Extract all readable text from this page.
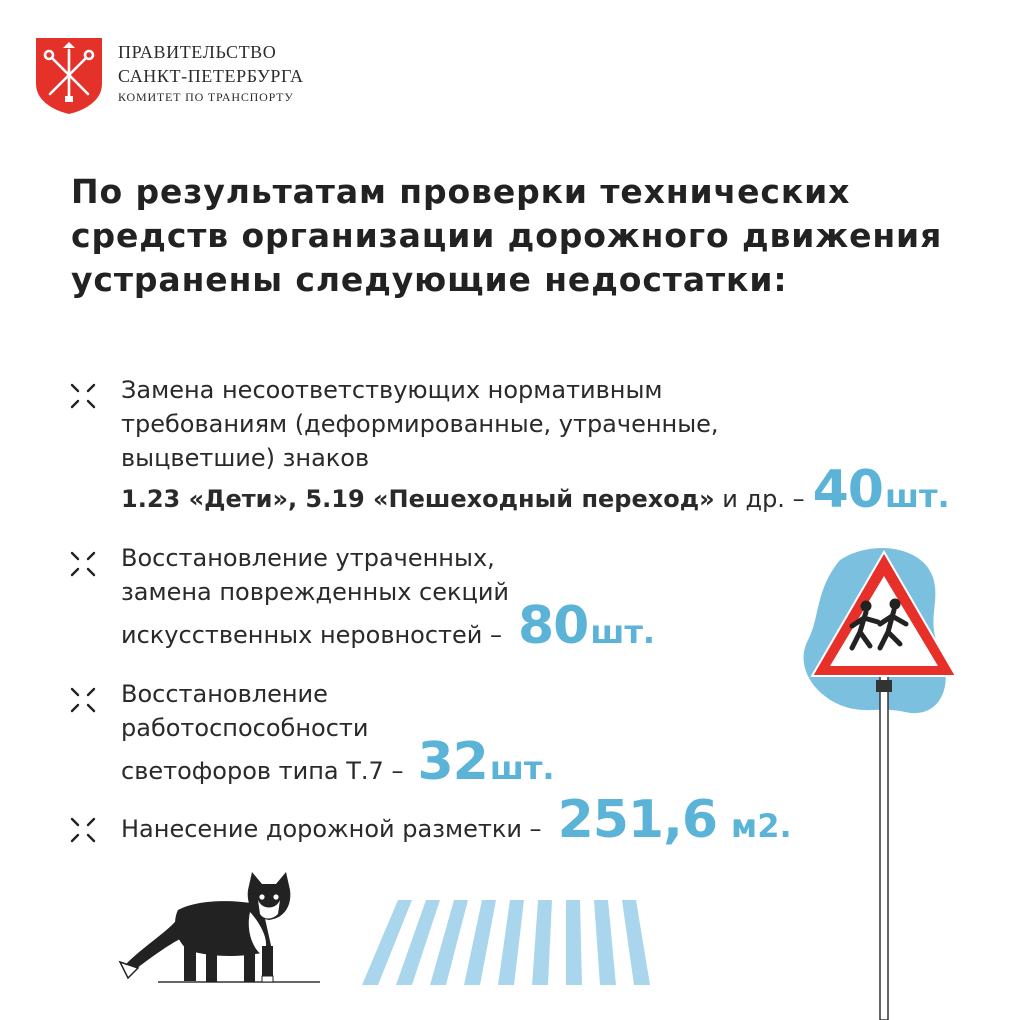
ПРАВИТЕЛЬСТВО
САНКТ-ПЕТЕРБУРГА
КОМИТЕТ ПО ТРАНСПОРТУ
По результатам проверки технических средств организации дорожного движения устранены следующие недостатки:
Замена несоответствующих нормативным
требованиям (деформированные, утраченные,
выцветшие) знаков
1.23 «Дети», 5.19 «Пешеходный переход» и др. – 40 шт.
Восстановление утраченных,
замена поврежденных секций
искусственных неровностей – 80 шт.
Восстановление
работоспособности
светофоров типа Т.7 – 32 шт.
Нанесение дорожной разметки – 251,6 м2.
